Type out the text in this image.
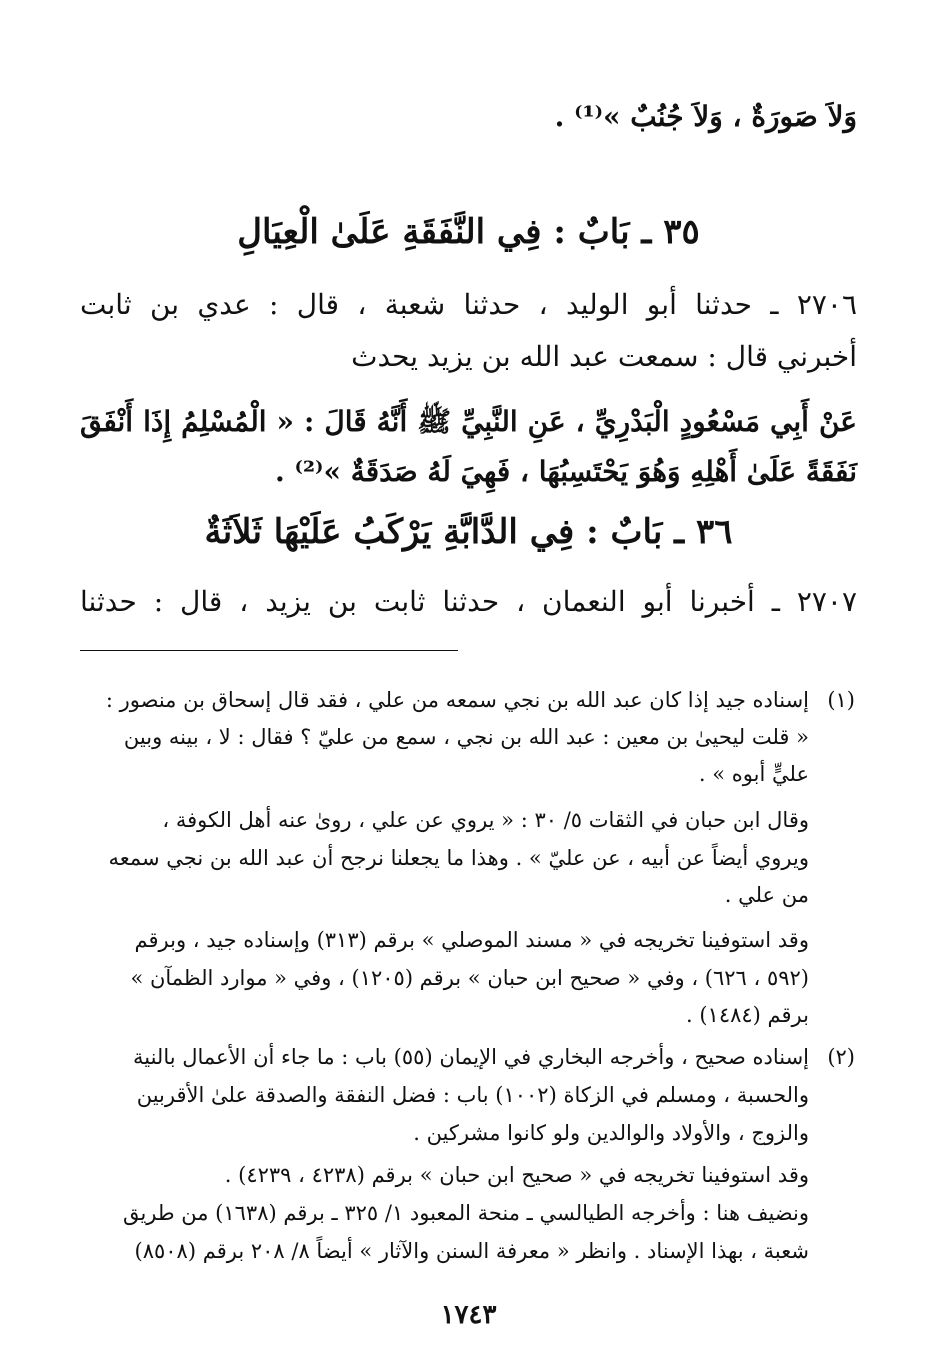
وَلاَ صَورَةٌ ، وَلاَ جُنُبٌ »⁽¹⁾ .
٣٥ ـ بَابٌ : فِي النَّفَقَةِ عَلَىٰ الْعِيَالِ
٢٧٠٦ ـ حدثنا أبو الوليد ، حدثنا شعبة ، قال : عدي بن ثابت
أخبرني قال : سمعت عبد الله بن يزيد يحدث
عَنْ أَبِي مَسْعُودٍ الْبَدْرِيِّ ، عَنِ النَّبِيِّ ﷺ أَنَّهُ قَالَ : « الْمُسْلِمُ إِذَا أَنْفَقَ
نَفَقَةً عَلَىٰ أَهْلِهِ وَهُوَ يَحْتَسِبُهَا ، فَهِيَ لَهُ صَدَقَةٌ »⁽²⁾ .
٣٦ ـ بَابٌ : فِي الدَّابَّةِ يَرْكَبُ عَلَيْهَا ثَلاَثَةٌ
٢٧٠٧ ـ أخبرنا أبو النعمان ، حدثنا ثابت بن يزيد ، قال : حدثنا
(١)
إسناده جيد إذا كان عبد الله بن نجي سمعه من علي ، فقد قال إسحاق بن منصور :
« قلت ليحيىٰ بن معين : عبد الله بن نجي ، سمع من عليّ ؟ فقال : لا ، بينه وبين
عليٍّ أبوه » .
وقال ابن حبان في الثقات ٥/ ٣٠ : « يروي عن علي ، رویٰ عنه أهل الكوفة ،
ويروي أيضاً عن أبيه ، عن عليّ » . وهذا ما يجعلنا نرجح أن عبد الله بن نجي سمعه
من علي .
وقد استوفينا تخريجه في « مسند الموصلي » برقم (٣١٣) وإسناده جيد ، وبرقم
(٥٩٢ ، ٦٢٦) ، وفي « صحيح ابن حبان » برقم (١٢٠٥) ، وفي « موارد الظمآن »
برقم (١٤٨٤) .
(٢)
إسناده صحيح ، وأخرجه البخاري في الإيمان (٥٥) باب : ما جاء أن الأعمال بالنية
والحسبة ، ومسلم في الزكاة (١٠٠٢) باب : فضل النفقة والصدقة علىٰ الأقربين
والزوج ، والأولاد والوالدين ولو كانوا مشركين .
وقد استوفينا تخريجه في « صحيح ابن حبان » برقم (٤٢٣٨ ، ٤٢٣٩) .
ونضيف هنا : وأخرجه الطيالسي ـ منحة المعبود ١/ ٣٢٥ ـ برقم (١٦٣٨) من طريق
شعبة ، بهذا الإسناد . وانظر « معرفة السنن والآثار » أيضاً ٨/ ٢٠٨ برقم (٨٥٠٨)
١٧٤٣
